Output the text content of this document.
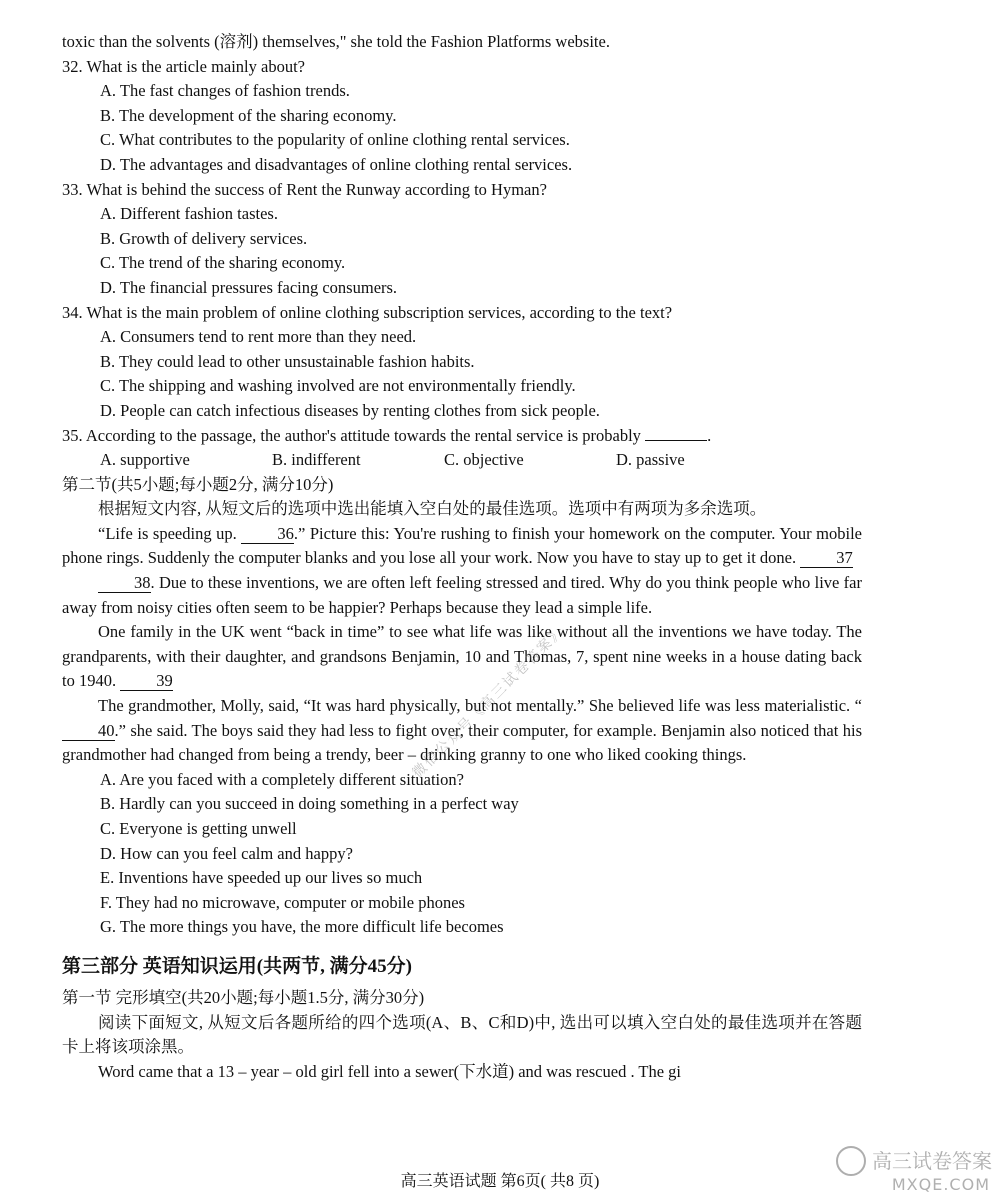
toxic than the solvents (溶剂) themselves," she told the Fashion Platforms website.
32. What is the article mainly about?
A. The fast changes of fashion trends.
B. The development of the sharing economy.
C. What contributes to the popularity of online clothing rental services.
D. The advantages and disadvantages of online clothing rental services.
33. What is behind the success of Rent the Runway according to Hyman?
A. Different fashion tastes.
B. Growth of delivery services.
C. The trend of the sharing economy.
D. The financial pressures facing consumers.
34. What is the main problem of online clothing subscription services, according to the text?
A. Consumers tend to rent more than they need.
B. They could lead to other unsustainable fashion habits.
C. The shipping and washing involved are not environmentally friendly.
D. People can catch infectious diseases by renting clothes from sick people.
35. According to the passage, the author's attitude towards the rental service is probably	.
A. supportive	B. indifferent	C. objective	D. passive
第二节(共5小题;每小题2分, 满分10分)
根据短文内容, 从短文后的选项中选出能填入空白处的最佳选项。选项中有两项为多余选项。
“Life is speeding up. 36.” Picture this: You're rushing to finish your homework on the computer. Your mobile phone rings. Suddenly the computer blanks and you lose all your work. Now you have to stay up to get it done. 37
38. Due to these inventions, we are often left feeling stressed and tired. Why do you think people who live far away from noisy cities often seem to be happier? Perhaps because they lead a simple life.
One family in the UK went “back in time” to see what life was like without all the inventions we have today. The grandparents, with their daughter, and grandsons Benjamin, 10 and Thomas, 7, spent nine weeks in a house dating back to 1940. 39
The grandmother, Molly, said, “It was hard physically, but not mentally.” She believed life was less materialistic. “40.” she said. The boys said they had less to fight over, their computer, for example. Benjamin also noticed that his grandmother had changed from being a trendy, beer – drinking granny to one who liked cooking things.
A. Are you faced with a completely different situation?
B. Hardly can you succeed in doing something in a perfect way
C. Everyone is getting unwell
D. How can you feel calm and happy?
E. Inventions have speeded up our lives so much
F. They had no microwave, computer or mobile phones
G. The more things you have, the more difficult life becomes
第三部分 英语知识运用(共两节, 满分45分)
第一节 完形填空(共20小题;每小题1.5分, 满分30分)
阅读下面短文, 从短文后各题所给的四个选项(A、B、C和D)中, 选出可以填入空白处的最佳选项并在答题卡上将该项涂黑。
Word came that a 13 – year – old girl fell into a sewer(下水道) and was rescued . The gi
微信公众号《高三试卷答案》
高三英语试题 第6页( 共8 页)
高三试卷答案
MXQE.COM
